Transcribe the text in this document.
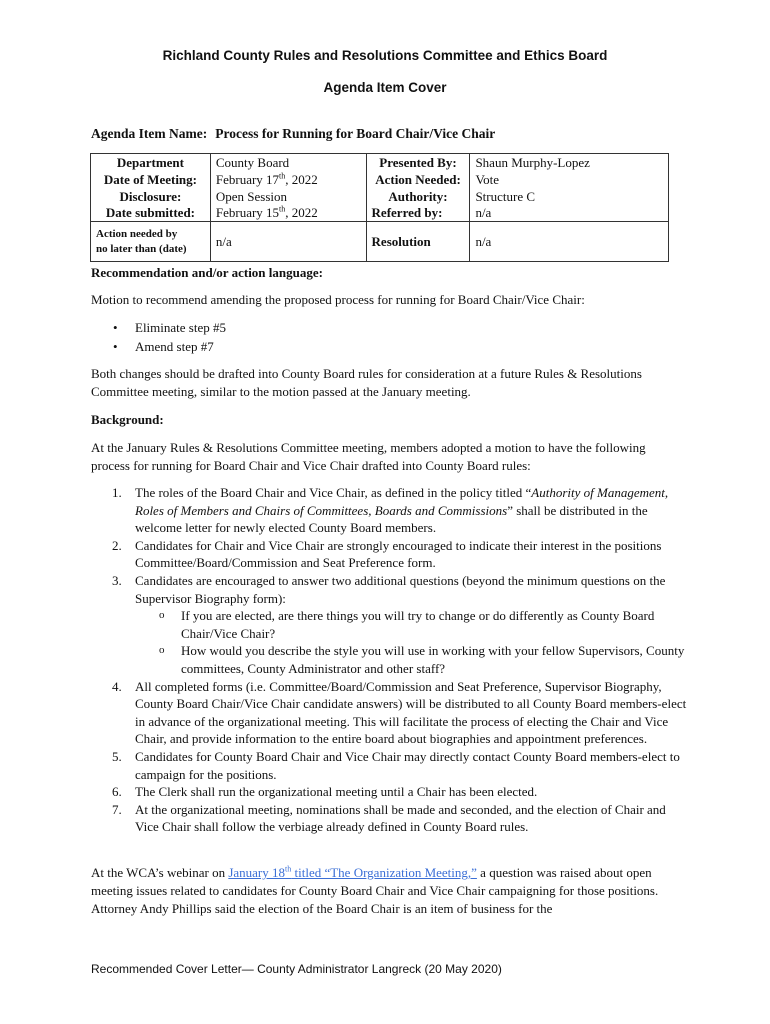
Richland County Rules and Resolutions Committee and Ethics Board
Agenda Item Cover
Agenda Item Name: Process for Running for Board Chair/Vice Chair
Department	County Board	Presented By:	Shaun Murphy-Lopez
Date of Meeting:	February 17th, 2022	Action Needed:	Vote
Disclosure:	Open Session	Authority:	Structure C
Date submitted:	February 15th, 2022	Referred by:	n/a
Action needed by
no later than (date)	n/a	Resolution	n/a
Recommendation and/or action language:
Motion to recommend amending the proposed process for running for Board Chair/Vice Chair:
• Eliminate step #5
• Amend step #7
Both changes should be drafted into County Board rules for consideration at a future Rules & Resolutions Committee meeting, similar to the motion passed at the January meeting.
Background:
At the January Rules & Resolutions Committee meeting, members adopted a motion to have the following process for running for Board Chair and Vice Chair drafted into County Board rules:
1. The roles of the Board Chair and Vice Chair, as defined in the policy titled “Authority of Management, Roles of Members and Chairs of Committees, Boards and Commissions” shall be distributed in the welcome letter for newly elected County Board members.
2. Candidates for Chair and Vice Chair are strongly encouraged to indicate their interest in the positions Committee/Board/Commission and Seat Preference form.
3. Candidates are encouraged to answer two additional questions (beyond the minimum questions on the Supervisor Biography form):
o If you are elected, are there things you will try to change or do differently as County Board Chair/Vice Chair?
o How would you describe the style you will use in working with your fellow Supervisors, County committees, County Administrator and other staff?
4. All completed forms (i.e. Committee/Board/Commission and Seat Preference, Supervisor Biography, County Board Chair/Vice Chair candidate answers) will be distributed to all County Board members-elect in advance of the organizational meeting. This will facilitate the process of electing the Chair and Vice Chair, and provide information to the entire board about biographies and appointment preferences.
5. Candidates for County Board Chair and Vice Chair may directly contact County Board members-elect to campaign for the positions.
6. The Clerk shall run the organizational meeting until a Chair has been elected.
7. At the organizational meeting, nominations shall be made and seconded, and the election of Chair and Vice Chair shall follow the verbiage already defined in County Board rules.
At the WCA’s webinar on January 18th titled “The Organization Meeting,” a question was raised about open meeting issues related to candidates for County Board Chair and Vice Chair campaigning for those positions. Attorney Andy Phillips said the election of the Board Chair is an item of business for the
Recommended Cover Letter— County Administrator Langreck (20 May 2020)
